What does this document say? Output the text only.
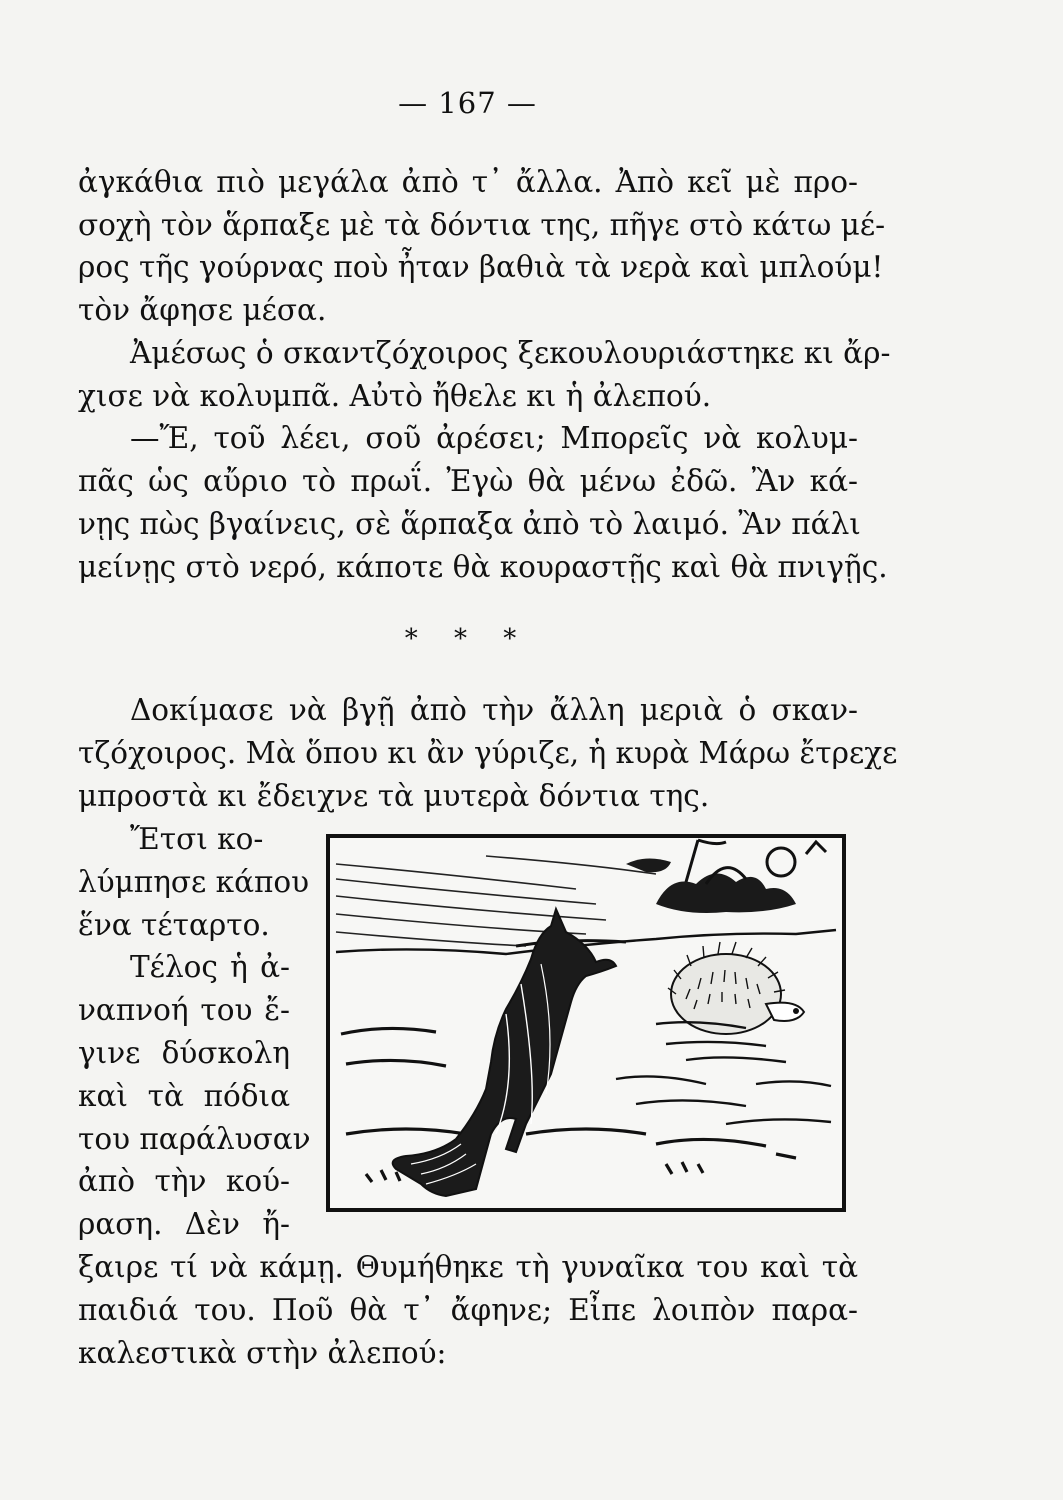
— 167 —
ἀγκάθια πιὸ μεγάλα ἀπὸ τ᾿ ἄλλα. Ἀπὸ κεῖ μὲ προ-
σοχὴ τὸν ἅρπαξε μὲ τὰ δόντια της, πῆγε στὸ κάτω μέ-
ρος τῆς γούρνας ποὺ ἦταν βαθιὰ τὰ νερὰ καὶ μπλούμ!
τὸν ἄφησε μέσα.
Ἀμέσως ὁ σκαντζόχοιρος ξεκουλουριάστηκε κι ἄρ-
χισε νὰ κολυμπᾶ. Αὐτὸ ἤθελε κι ἡ ἀλεπού.
—Ἔ, τοῦ λέει, σοῦ ἀρέσει; Μπορεῖς νὰ κολυμ-
πᾶς ὡς αὔριο τὸ πρωΐ. Ἐγὼ θὰ μένω ἐδῶ. Ἂν κά-
νῃς πὼς βγαίνεις, σὲ ἅρπαξα ἀπὸ τὸ λαιμό. Ἂν πάλι
μείνῃς στὸ νερό, κάποτε θὰ κουραστῇς καὶ θὰ πνιγῇς.
* * *
Δοκίμασε νὰ βγῇ ἀπὸ τὴν ἄλλη μεριὰ ὁ σκαν-
τζόχοιρος. Μὰ ὅπου κι ἂν γύριζε, ἡ κυρὰ Μάρω ἔτρεχε
μπροστὰ κι ἔδειχνε τὰ μυτερὰ δόντια της.
Ἔτσι κο-
λύμπησε κάπου
ἕνα τέταρτο.
Τέλος ἡ ἀ-
ναπνοή του ἔ-
γινε δύσκολη
καὶ τὰ πόδια
του παράλυσαν
ἀπὸ τὴν κού-
ραση. Δὲν ἤ-
ξαιρε τί νὰ κάμῃ. Θυμήθηκε τὴ γυναῖκα του καὶ τὰ
παιδιά του. Ποῦ θὰ τ᾿ ἄφηνε; Εἶπε λοιπὸν παρα-
καλεστικὰ στὴν ἀλεπού:
